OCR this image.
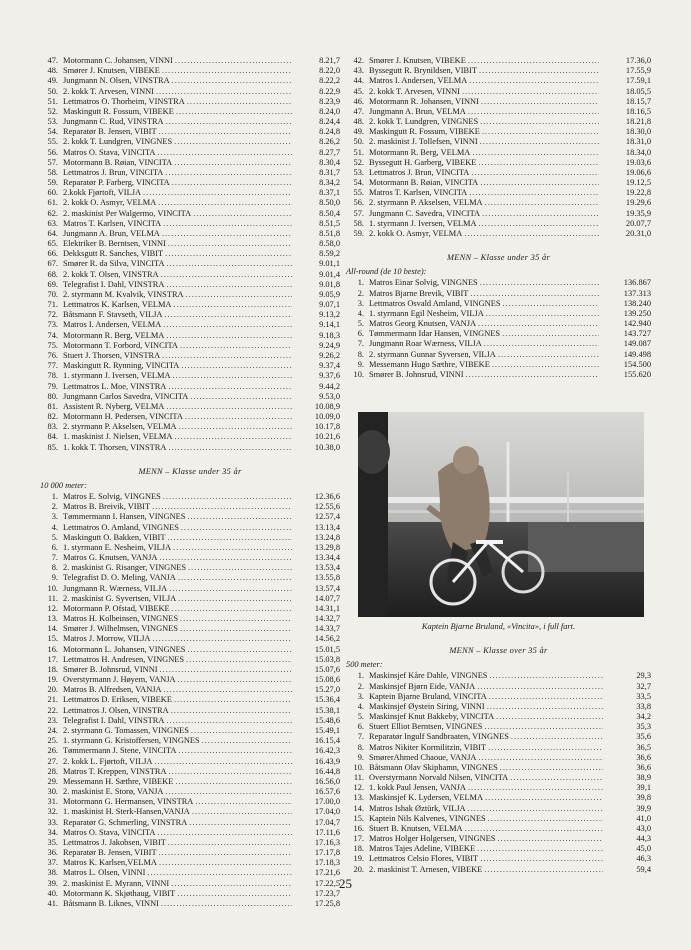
47. Motormann C. Johansen, VINNI .....	8.21,7
48. Smører J. Knutsen, VIBEKE .....	8.22,0
49. Jungmann N. Olsen, VINSTRA .....	8.22,2
50. 2. kokk T. Arvesen, VINNI .....	8.22,9
51. Lettmatros O. Thorheim, VINSTRA .....	8.23,9
52. Maskingutt R. Fossum, VIBEKE .....	8.24,0
53. Jungmann C. Rud, VINSTRA .....	8.24,4
54. Reparatør B. Jensen, VIBIT .....	8.24,8
55. 2. kokk T. Lundgren, VINGNES .....	8.26,2
56. Matros O. Stava, VINCITA .....	8.27,7
57. Motormann B. Røian, VINCITA .....	8.30,4
58. Lettmatros J. Brun, VINCITA .....	8.31,7
59. Reparatør P. Farberg, VINCITA .....	8.34,2
60. 2.kokk Fjørtoft, VILJA .....	8.37,1
61. 2. kokk O. Asmyr, VELMA .....	8.50,0
62. 2. maskinist Per Walgermo, VINCITA .....	8.50,4
63. Matros T. Karlsen, VINCITA .....	8.51,5
64. Jungmann A. Brun, VELMA .....	8.51,8
65. Elektriker B. Berntsen, VINNI .....	8.58,0
66. Dekksgutt R. Sanches, VIBIT .....	8.59,2
67. Smører R. da Silva, VINCITA .....	9.01,1
68. 2. kokk T. Olsen, VINSTRA .....	9.01,4
69. Telegrafist I. Dahl, VINSTRA .....	9.01,8
70. 2. styrmann M. Kvalvik, VINSTRA .....	9.05,9
71. Lettmatros K. Karlsen, VELMA .....	9.07,1
72. Båtsmann F. Stavseth, VILJA .....	9.13,2
73. Matros I. Andersen, VELMA .....	9.14,1
74. Motormann R. Berg, VELMA .....	9.18,3
75. Motormann T. Forbord, VINCITA .....	9.24,9
76. Stuert J. Thorsen, VINSTRA .....	9.26,2
77. Maskingutt R. Rynning, VINCITA .....	9.37,4
78. 1. styrmann J. Iversen, VELMA .....	9.37,6
79. Lettmatros L. Moe, VINSTRA .....	9.44,2
80. Jungmann Carlos Savedra, VINCITA .....	9.53,0
81. Assistent R. Nyberg, VELMA .....	10.08,9
82. Motormann H. Pedersen, VINCITA .....	10.09,0
83. 2. styrmann P. Akselsen, VELMA .....	10.17,8
84. 1. maskinist J. Nielsen, VELMA .....	10.21,6
85. 1. kokk T. Thorsen, VINSTRA .....	10.38,0
MENN – Klasse under 35 år
10 000 meter:
1. Matros E. Solvig, VINGNES .....	12.36,6
2. Matros B. Breivik, VIBIT .....	12.55,6
3. Tømmermann I. Hansen, VINGNES .....	12.57,4
4. Lettmatros O. Amland, VINGNES .....	13.13,4
5. Maskingutt O. Bakken, VIBIT .....	13.24,8
6. 1. styrmann E. Nesheim, VILJA .....	13.29,8
7. Matros G. Knutsen, VANJA .....	13.34,4
8. 2. maskinist G. Risanger, VINGNES .....	13.53,4
9. Telegrafist D. O. Meling, VANJA .....	13.55,8
10. Jungmann R. Wærness, VILJA .....	13.57,4
11. 2. maskinist G. Syvertsen, VILJA .....	14.07,7
12. Motormann P. Ofstad, VIBEKE .....	14.31,1
13. Matros H. Kolbeinsen, VINGNES .....	14.32,7
14. Smører J. Wilhelmsen, VINGNES .....	14.33,7
15. Matros J. Morrow, VILJA .....	14.56,2
16. Motormann L. Johansen, VINGNES .....	15.01,5
17. Lettmatros H. Andresen, VINGNES .....	15.03,8
18. Smører B. Johnsrud, VINNI .....	15.07,6
19. Overstyrmann J. Høyem, VANJA .....	15.08,6
20. Matros B. Alfredsen, VANJA .....	15.27,0
21. Lettmatros D. Eriksen, VIBEKE .....	15.36,4
22. Lettmatros J. Olsen, VINSTRA .....	15.38,1
23. Telegrafist I. Dahl, VINSTRA .....	15.48,6
24. 2. styrmann G. Tomassen, VINGNES .....	15.49,1
25. 1. styrmann G. Kristoffersen, VINGNES .....	16.15,4
26. Tømmermann J. Stene, VINCITA .....	16.42,3
27. 2. kokk L. Fjørtoft, VILJA .....	16.43,9
28. Matros T. Kreppen, VINSTRA .....	16.44,8
29. Messemann H. Sæthre, VIBEKE .....	16.56,0
30. 2. maskinist E. Storø, VANJA .....	16.57,6
31. Motormann G. Hermansen, VINSTRA .....	17.00,0
32. 1. maskinist H. Sterk-Hansen,VANJA .....	17.04,0
33. Reparatør G. Schmerling, VINSTRA .....	17.04,7
34. Matros O. Stava, VINCITA .....	17.11,6
35. Lettmatros J. Jakobsen, VIBIT .....	17.16,3
36. Reparatør B. Jensen, VIBIT .....	17.17,8
37. Matros K. Karlsen,VELMA .....	17.18,3
38. Matros L. Olsen, VINNI .....	17.21,6
39. 2. maskinist E. Myrann, VINNI .....	17.22,5
40. Motormann K. Skjøthaug, VIBIT .....	17.23,7
41. Båtsmann B. Liknes, VINNI .....	17.25,8
42. Smører J. Knutsen, VIBEKE .....	17.36,0
43. Byssegutt R. Brynildsen, VIBIT .....	17.55,9
44. Matros I. Andersen, VELMA .....	17.59,1
45. 2. kokk T. Arvesen, VINNI .....	18.05,5
46. Motormann R. Johansen, VINNI .....	18.15,7
47. Jungmann A. Brun, VELMA .....	18.16,5
48. 2. kokk T. Lundgren, VINGNES .....	18.21,8
49. Maskingutt R. Fossum, VIBEKE .....	18.30,0
50. 2. maskinist J. Tollefsen, VINNI .....	18.31,0
51. Motormann R. Berg, VELMA .....	18.34,0
52. Byssegutt H. Garberg, VIBEKE .....	19.03,6
53. Lettmatros J. Brun, VINCITA .....	19.06,6
54. Motormann B. Røian, VINCITA .....	19.12,5
55. Matros T. Karlsen, VINCITA .....	19.22,8
56. 2. styrmann P. Akselsen, VELMA .....	19.29,6
57. Jungmann C. Savedra, VINCITA .....	19.35,9
58. 1. styrmann J. Iversen, VELMA .....	20.07,7
59. 2. kokk O. Asmyr, VELMA .....	20.31,0
MENN – Klasse under 35 år
All-round (de 10 beste):
1. Matros Einar Solvig, VINGNES .....	136.867
2. Matros Bjarne Brevik, VIBIT .....	137.313
3. Lettmatros Osvald Amland, VINGNES .....	138.240
4. 1. styrmann Egil Nesheim, VILJA .....	139.250
5. Matros Georg Knutsen, VANJA .....	142.940
6. Tømmermann Idar Hansen, VINGNES .....	143.727
7. Jungmann Roar Wærness, VILJA .....	149.087
8. 2. styrmann Gunnar Syversen, VILJA .....	149.498
9. Messemann Hugo Sæthre, VIBEKE .....	154.500
10. Smører B. Johnsrud, VINNI .....	155.620
Kaptein Bjarne Bruland, «Vincita», i full fart.
MENN – Klasse over 35 år
500 meter:
1. Maskinsjef Kåre Dahle, VINGNES .....	29,3
2. Maskinsjef Bjørn Eide, VANJA .....	32,7
3. Kaptein Bjarne Bruland, VINCITA .....	33,5
4. Maskinsjef Øystein Siring, VINNI .....	33,8
5. Maskinsjef Knut Bakkeby, VINCITA .....	34,2
6. Stuert Elliot Berntsen, VINGNES .....	35,3
7. Reparatør Ingulf Sandbraaten, VINGNES .....	35,6
8. Matros Nikiter Kormilitzin, VIBIT .....	36,5
9. SmørerAhmed Chaoue, VANJA .....	36,6
10. Båtsmann Olav Skiphamn, VINGNES .....	36,6
11. Overstyrmann Norvald Nilsen, VINCITA .....	38,9
12. 1. kokk Paul Jensen, VANJA .....	39,1
13. Maskinsjef K. Lydersen, VELMA .....	39,8
14. Matros Ishak Øztürk, VILJA .....	39,9
15. Kaptein Nils Kalvenes, VINGNES .....	41,0
16. Stuert B. Knutsen, VELMA .....	43,0
17. Matros Holger Holgersen, VINGNES .....	44,3
18. Matros Tajes Adeline, VIBEKE .....	45,0
19. Lettmatros Celsio Flores, VIBIT .....	46,3
20. 2. maskinist T. Arnesen, VIBEKE .....	59,4
25
